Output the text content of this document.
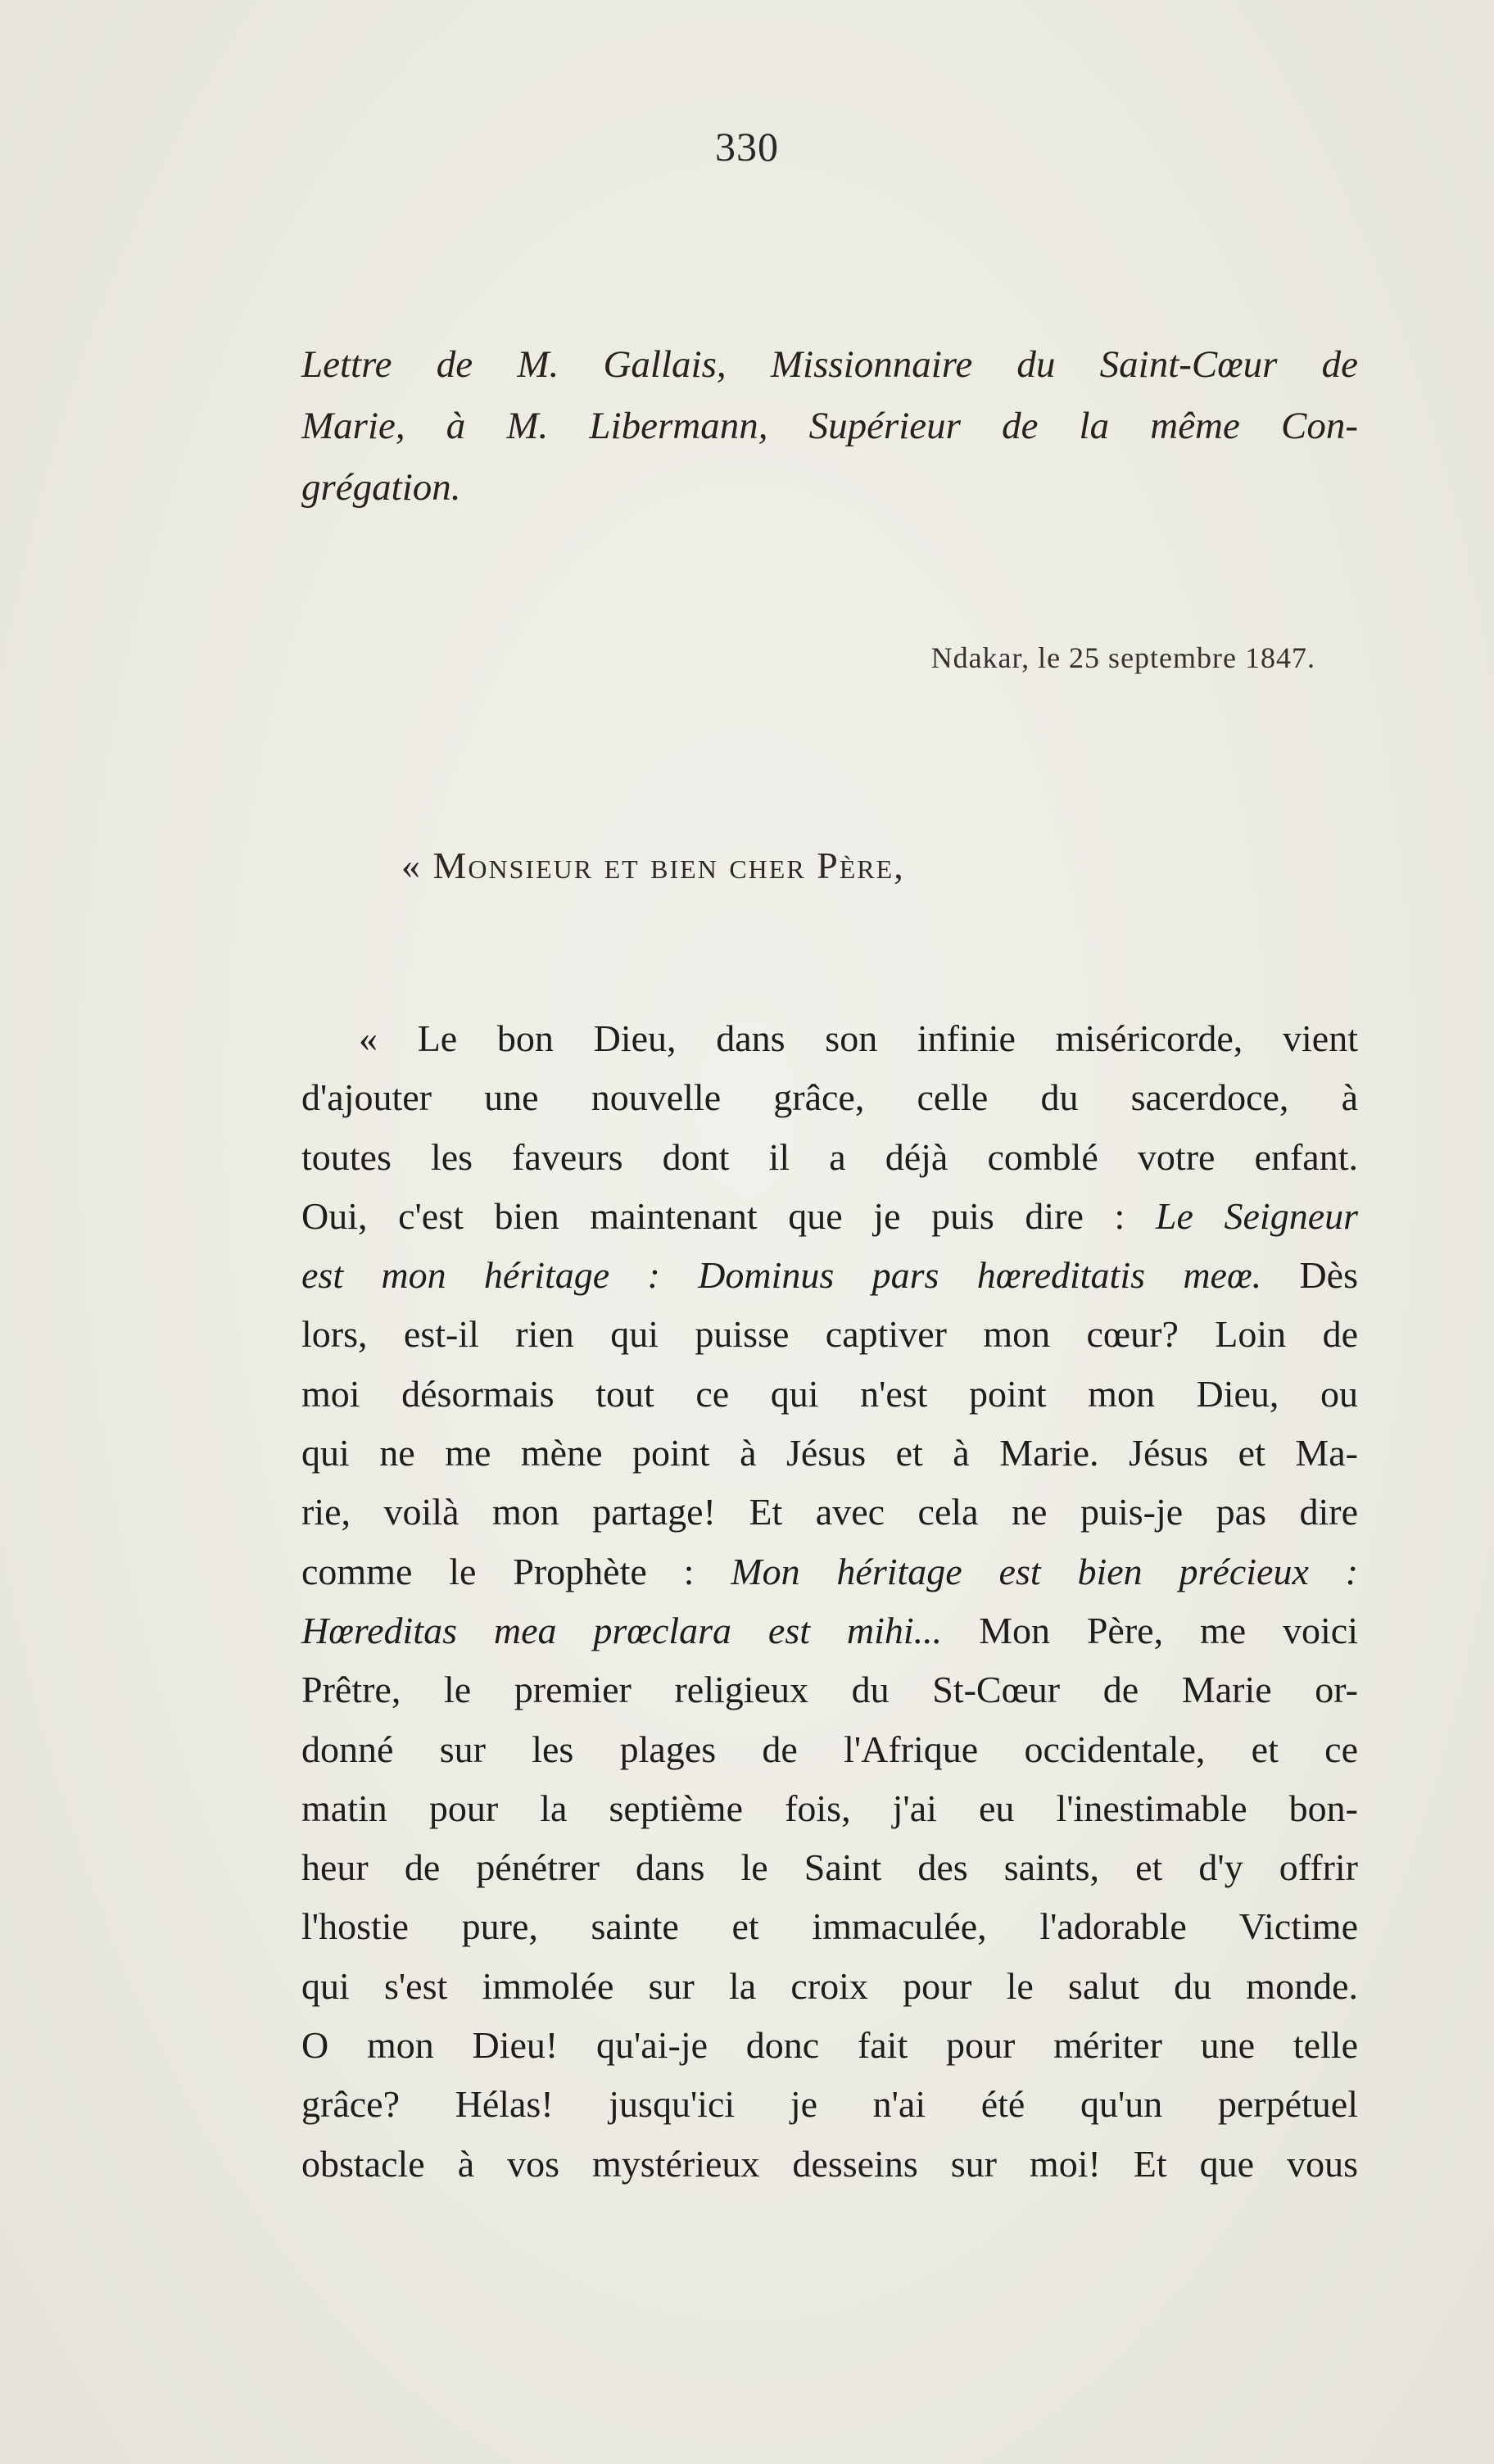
330
Lettre de M. Gallais, Missionnaire du Saint-Cœur de
Marie, à M. Libermann, Supérieur de la même Con-
grégation.
Ndakar, le 25 septembre 1847.
« Monsieur et bien cher Père,
« Le bon Dieu, dans son infinie miséricorde, vient
d'ajouter une nouvelle grâce, celle du sacerdoce, à
toutes les faveurs dont il a déjà comblé votre enfant.
Oui, c'est bien maintenant que je puis dire : Le Seigneur
est mon héritage : Dominus pars hœreditatis meœ. Dès
lors, est-il rien qui puisse captiver mon cœur? Loin de
moi désormais tout ce qui n'est point mon Dieu, ou
qui ne me mène point à Jésus et à Marie. Jésus et Ma-
rie, voilà mon partage! Et avec cela ne puis-je pas dire
comme le Prophète : Mon héritage est bien précieux :
Hœreditas mea prœclara est mihi... Mon Père, me voici
Prêtre, le premier religieux du St-Cœur de Marie or-
donné sur les plages de l'Afrique occidentale, et ce
matin pour la septième fois, j'ai eu l'inestimable bon-
heur de pénétrer dans le Saint des saints, et d'y offrir
l'hostie pure, sainte et immaculée, l'adorable Victime
qui s'est immolée sur la croix pour le salut du monde.
O mon Dieu! qu'ai-je donc fait pour mériter une telle
grâce? Hélas! jusqu'ici je n'ai été qu'un perpétuel
obstacle à vos mystérieux desseins sur moi! Et que vous
